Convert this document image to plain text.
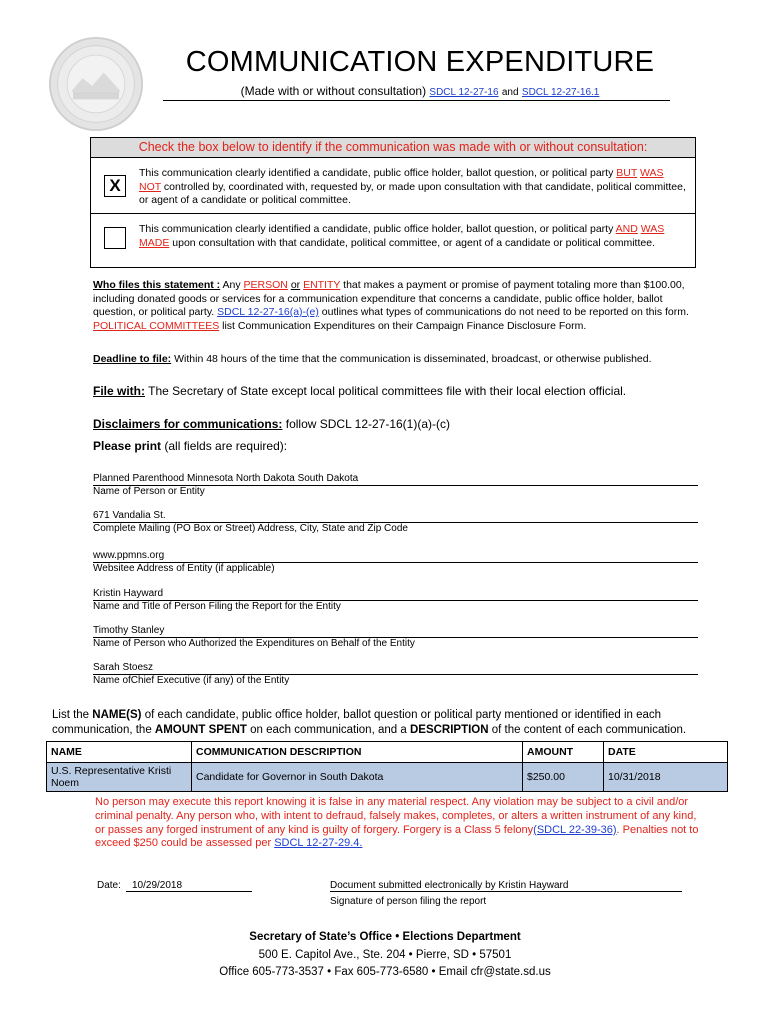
COMMUNICATION EXPENDITURE
(Made with or without consultation) SDCL 12-27-16 and SDCL 12-27-16.1
Check the box below to identify if the communication was made with or without consultation:
X
This communication clearly identified a candidate, public office holder, ballot question, or political party BUT WAS NOT controlled by, coordinated with, requested by, or made upon consultation with that candidate, political committee, or agent of a candidate or political committee.
This communication clearly identified a candidate, public office holder, ballot question, or political party AND WAS MADE upon consultation with that candidate, political committee, or agent of a candidate or political committee.
Who files this statement : Any PERSON or ENTITY that makes a payment or promise of payment totaling more than $100.00, including donated goods or services for a communication expenditure that concerns a candidate, public office holder, ballot question, or political party. SDCL 12-27-16(a)-(e) outlines what types of communications do not need to be reported on this form. POLITICAL COMMITTEES list Communication Expenditures on their Campaign Finance Disclosure Form.
Deadline to file: Within 48 hours of the time that the communication is disseminated, broadcast, or otherwise published.
File with: The Secretary of State except local political committees file with their local election official.
Disclaimers for communications: follow SDCL 12-27-16(1)(a)-(c)
Please print (all fields are required):
Planned Parenthood Minnesota North Dakota South Dakota
Name of Person or Entity
671 Vandalia St.
Complete Mailing (PO Box or Street) Address, City, State and Zip Code
www.ppmns.org
Websitee Address of Entity (if applicable)
Kristin Hayward
Name and Title of Person Filing the Report for the Entity
Timothy Stanley
Name of Person who Authorized the Expenditures on Behalf of the Entity
Sarah Stoesz
Name ofChief Executive (if any) of the Entity
List the NAME(S) of each candidate, public office holder, ballot question or political party mentioned or identified in each communication, the AMOUNT SPENT on each communication, and a DESCRIPTION of the content of each communication.
NAME	COMMUNICATION DESCRIPTION	AMOUNT	DATE
U.S. Representative Kristi Noem	Candidate for Governor in South Dakota	$250.00	10/31/2018
No person may execute this report knowing it is false in any material respect. Any violation may be subject to a civil and/or criminal penalty. Any person who, with intent to defraud, falsely makes, completes, or alters a written instrument of any kind, or passes any forged instrument of any kind is guilty of forgery. Forgery is a Class 5 felony(SDCL 22-39-36). Penalties not to exceed $250 could be assessed per SDCL 12-27-29.4.
Date:	10/29/2018	Document submitted electronically by Kristin Hayward
Signature of person filing the report
Secretary of State’s Office • Elections Department
500 E. Capitol Ave., Ste. 204 • Pierre, SD • 57501
Office 605-773-3537 • Fax 605-773-6580 • Email cfr@state.sd.us
